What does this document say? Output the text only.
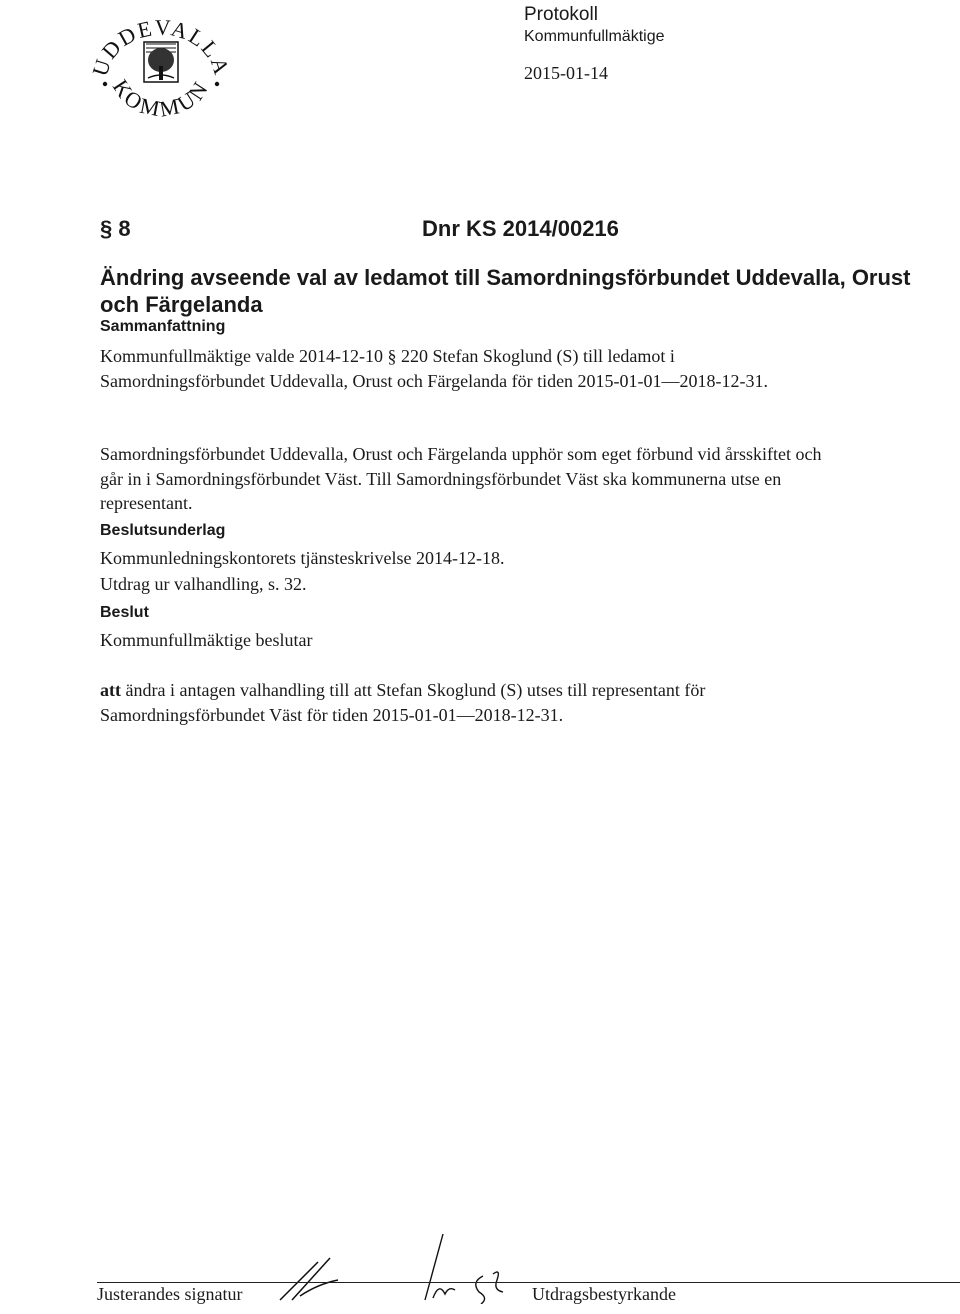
UDDEVALLA
KOMMUN
Protokoll
Kommunfullmäktige
2015-01-14
§ 8	Dnr KS 2014/00216
Ändring avseende val av ledamot till Samordningsförbundet Uddevalla, Orust och Färgelanda
Sammanfattning

Kommunfullmäktige valde 2014-12-10 § 220 Stefan Skoglund (S) till ledamot i Samordningsförbundet Uddevalla, Orust och Färgelanda för tiden 2015-01-01—2018-12-31.

Samordningsförbundet Uddevalla, Orust och Färgelanda upphör som eget förbund vid årsskiftet och går in i Samordningsförbundet Väst. Till Samordningsförbundet Väst ska kommunerna utse en representant.

Beslutsunderlag
Kommunledningskontorets tjänsteskrivelse 2014-12-18.
Utdrag ur valhandling, s. 32.
Beslut
Kommunfullmäktige beslutar

att ändra i antagen valhandling till att Stefan Skoglund (S) utses till representant för Samordningsförbundet Väst för tiden 2015-01-01—2018-12-31.

Justerandes signatur	Utdragsbestyrkande
